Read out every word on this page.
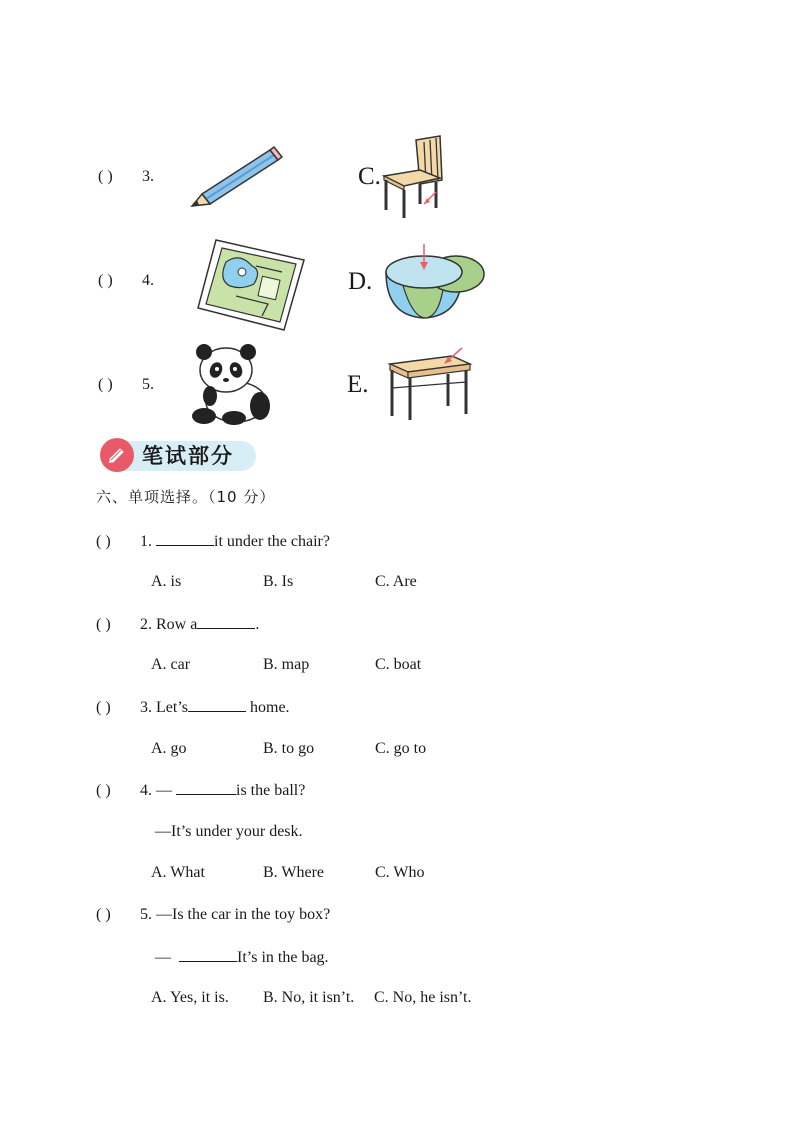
( ) 3.	C.
( ) 4.	D.
( ) 5.	E.
笔试部分
六、单项选择。（10 分）
( ) 1.	it under the chair?
A. is	B. Is	C. Are
( ) 2. Row a	.
A. car	B. map	C. boat
( ) 3. Let’s	home.
A. go	B. to go	C. go to
( ) 4. —	is the ball?
—It’s under your desk.
A. What	B. Where	C. Who
( ) 5. —Is the car in the toy box?
—	It’s in the bag.
A. Yes, it is. B. No, it isn’t. C. No, he isn’t.
